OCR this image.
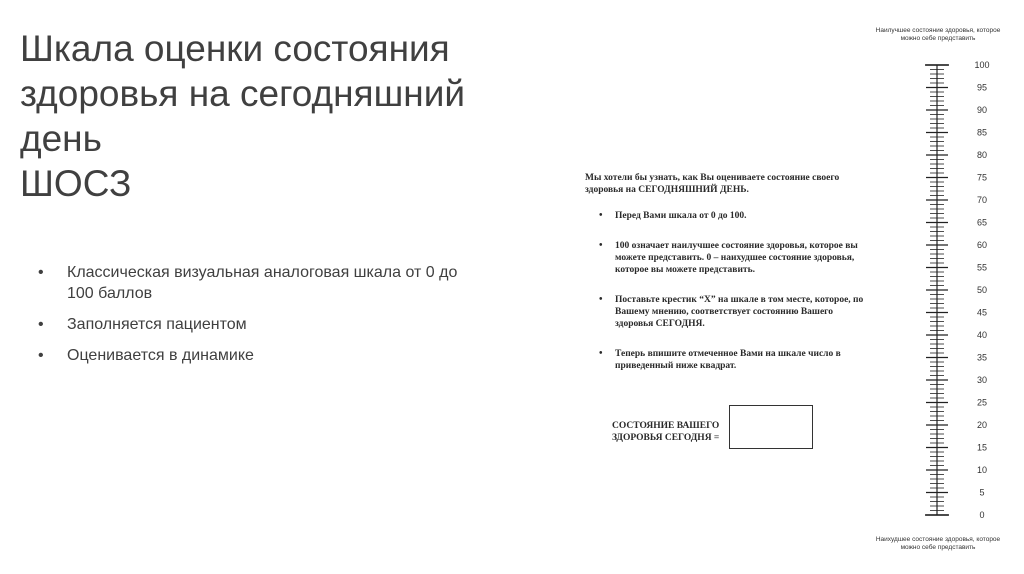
Шкала оценки состояния
здоровья на сегодняшний
день
ШОСЗ
• Классическая визуальная аналоговая шкала от 0 до 100 баллов
• Заполняется пациентом
• Оценивается в динамике

Мы хотели бы узнать, как Вы оцениваете состояние своего здоровья на СЕГОДНЯШНИЙ ДЕНЬ.

• Перед Вами шкала от 0 до 100.
• 100 означает наилучшее состояние здоровья, которое вы можете представить. 0 – наихудшее состояние здоровья, которое вы можете представить.
• Поставьте крестик “Х” на шкале в том месте, которое, по Вашему мнению, соответствует состоянию Вашего здоровья СЕГОДНЯ.
• Теперь впишите отмеченное Вами на шкале число в приведенный ниже квадрат.
СОСТОЯНИЕ ВАШЕГО ЗДОРОВЬЯ СЕГОДНЯ =
Наилучшее состояние здоровья, которое можно себе представить
100
95
90
85
80
75
70
65
60
55
50
45
40
35
30
25
20
15
10
5
0
Наихудшее состояние здоровья, которое можно себе представить
